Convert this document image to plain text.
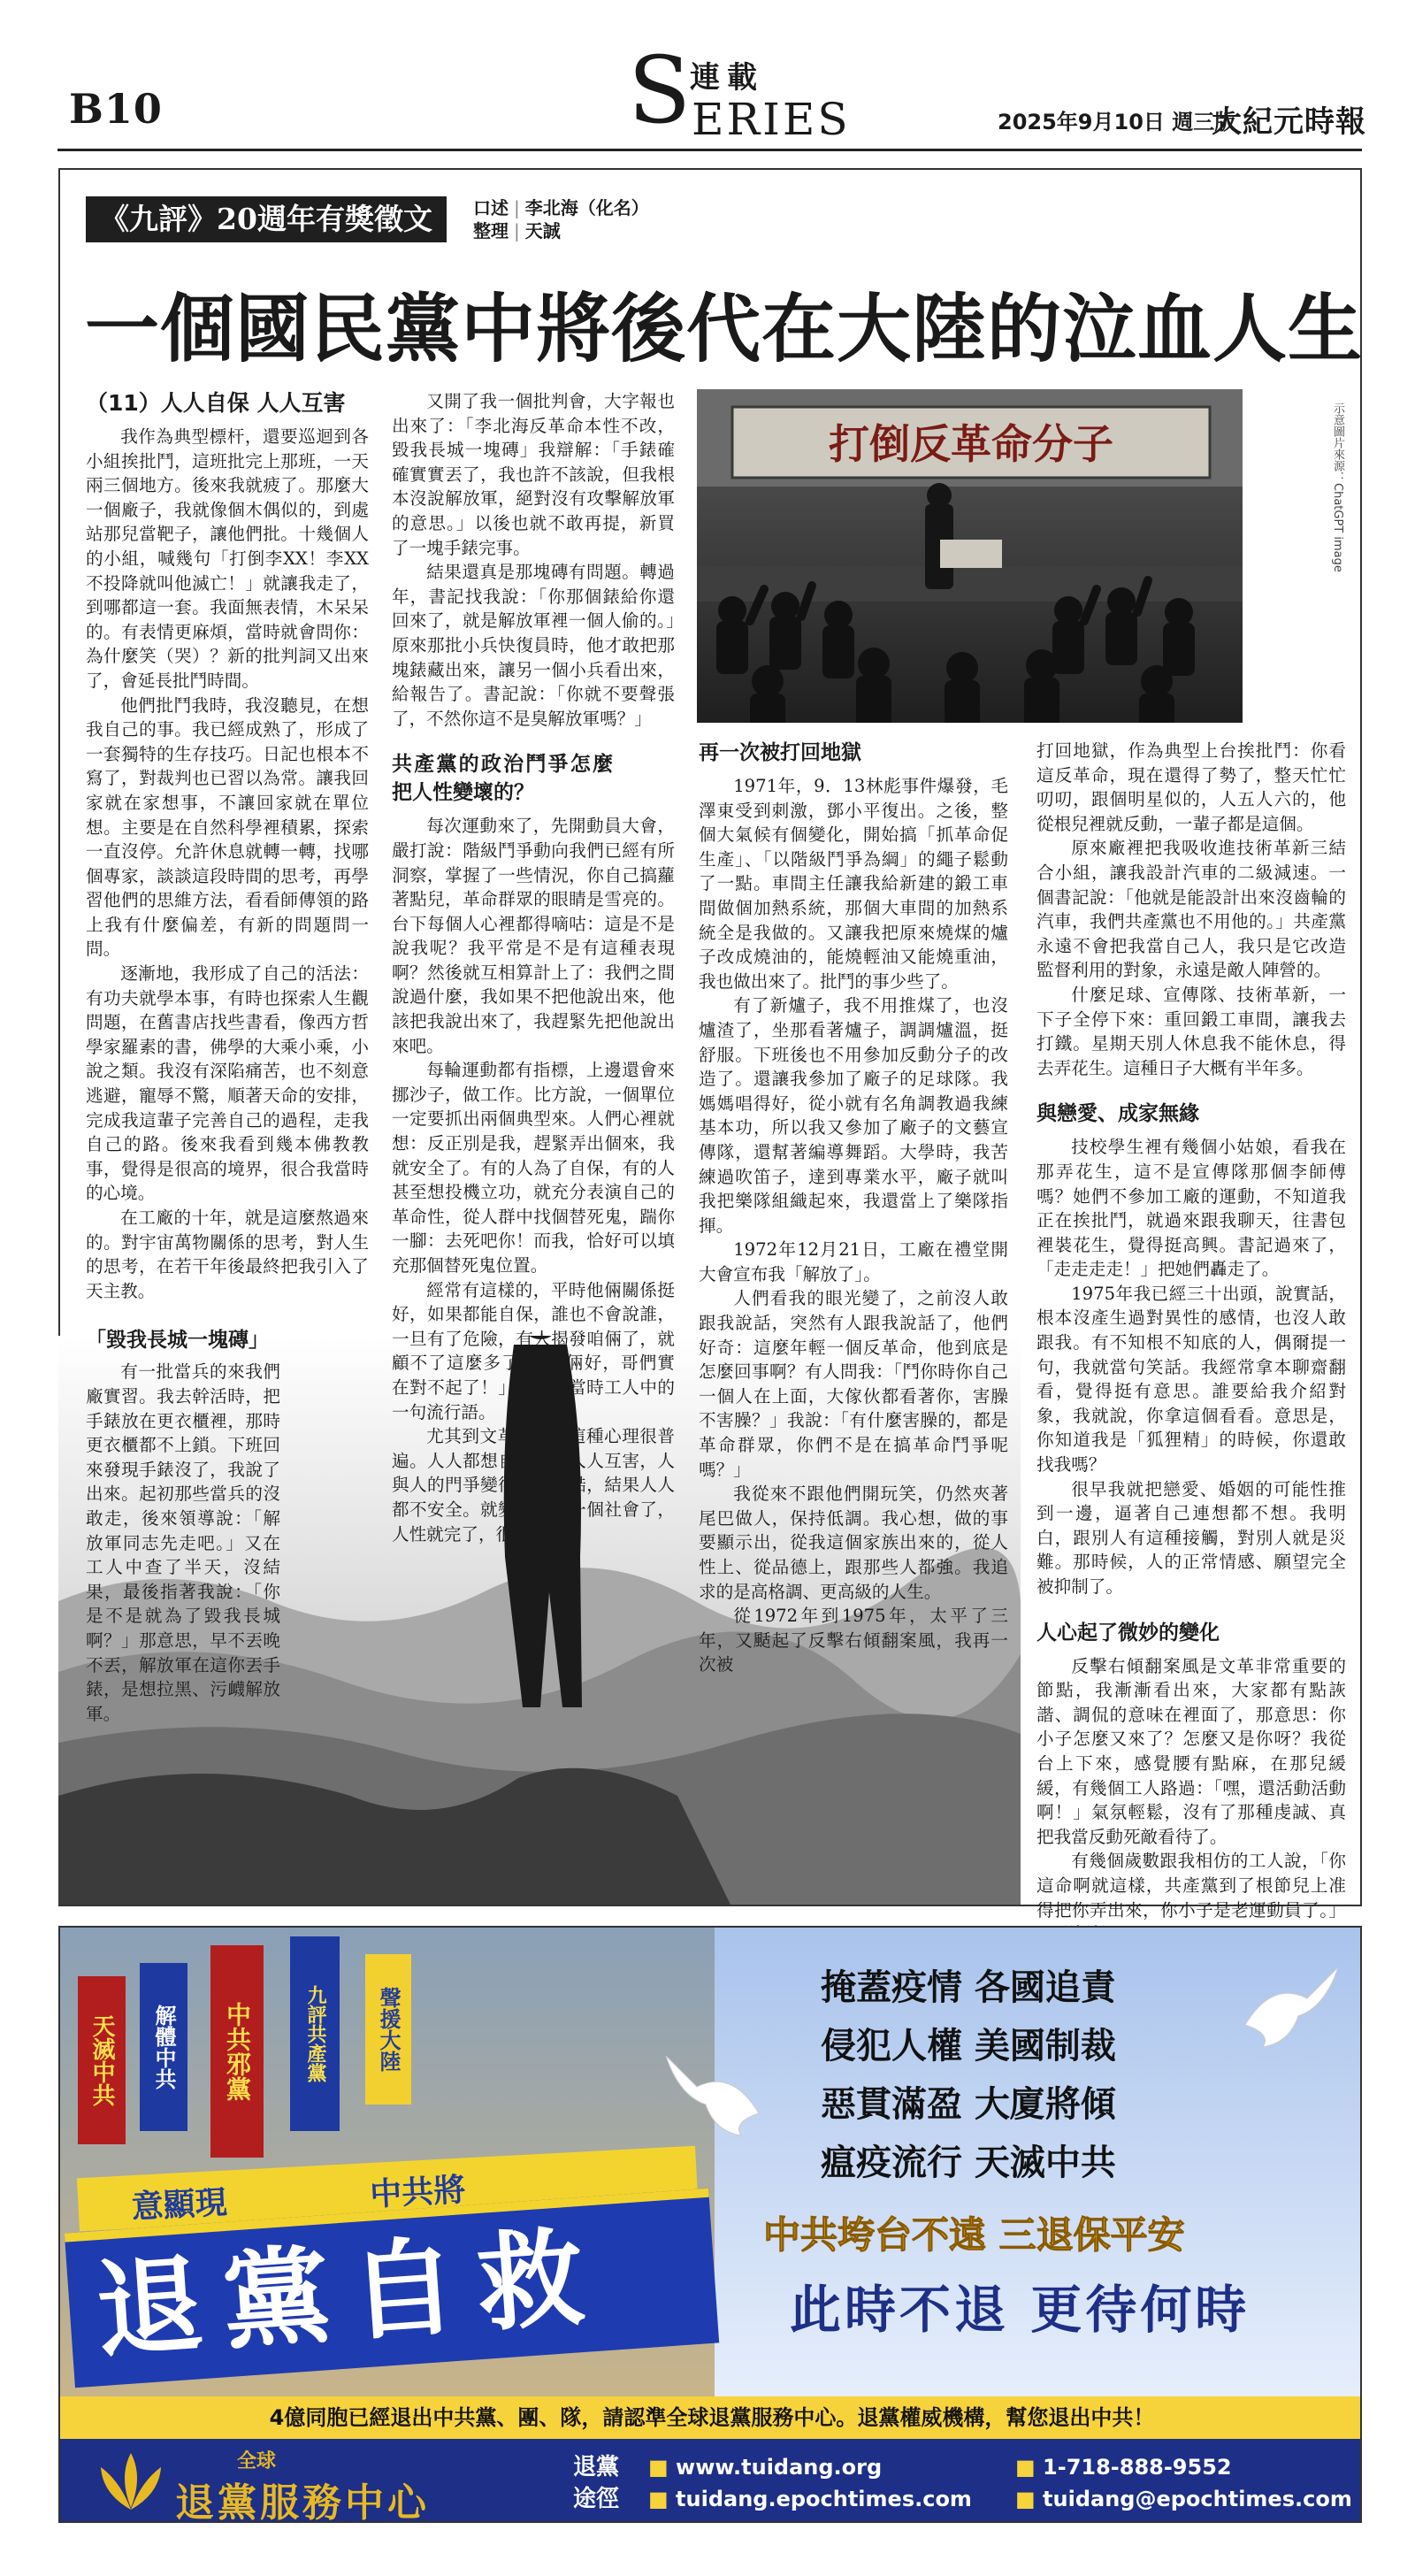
B10	S
連載
ERIES	2025年9月10日 週三版
大紀元時報
《九評》20週年有獎徵文	口述 | 李北海（化名）
整理 | 天誠
一個國民黨中將後代在大陸的泣血人生
打倒反革命分子	示意圖片來源：ChatGPT image

（11）人人自保 人人互害

我作為典型標杆，還要巡迴到各小組挨批鬥，這班批完上那班，一天兩三個地方。後來我就疲了。那麼大一個廠子，我就像個木偶似的，到處站那兒當靶子，讓他們批。十幾個人的小組，喊幾句「打倒李XX！李XX不投降就叫他滅亡！」就讓我走了，到哪都這一套。我面無表情，木呆呆的。有表情更麻煩，當時就會問你：為什麼笑（哭）？新的批判詞又出來了，會延長批鬥時間。

他們批鬥我時，我沒聽見，在想我自己的事。我已經成熟了，形成了一套獨特的生存技巧。日記也根本不寫了，對裁判也已習以為常。讓我回家就在家想事，不讓回家就在單位想。主要是在自然科學裡積累，探索一直沒停。允許休息就轉一轉，找哪個專家，談談這段時間的思考，再學習他們的思維方法，看看師傳領的路上我有什麼偏差，有新的問題問一問。

逐漸地，我形成了自己的活法：有功夫就學本事，有時也探索人生觀問題，在舊書店找些書看，像西方哲學家羅素的書，佛學的大乘小乘，小說之類。我沒有深陷痛苦，也不刻意逃避，寵辱不驚，順著天命的安排，完成我這輩子完善自己的過程，走我自己的路。後來我看到幾本佛教教事，覺得是很高的境界，很合我當時的心境。

在工廠的十年，就是這麼熬過來的。對宇宙萬物關係的思考，對人生的思考，在若干年後最終把我引入了天主教。

「毀我長城一塊磚」

有一批當兵的來我們廠實習。我去幹活時，把手錶放在更衣櫃裡，那時更衣櫃都不上鎖。下班回來發現手錶沒了，我說了出來。起初那些當兵的沒敢走，後來領導說：「解放軍同志先走吧。」又在工人中查了半天，沒結果，最後指著我說：「你是不是就為了毀我長城啊？」那意思，早不丟晚不丟，解放軍在這你丟手錶，是想拉黑、污衊解放軍。

又開了我一個批判會，大字報也出來了：「李北海反革命本性不改，毀我長城一塊磚」我辯解：「手錶確確實實丟了，我也許不該說，但我根本沒說解放軍，絕對沒有攻擊解放軍的意思。」以後也就不敢再提，新買了一塊手錶完事。

結果還真是那塊磚有問題。轉過年，書記找我說：「你那個錶給你還回來了，就是解放軍裡一個人偷的。」原來那批小兵快復員時，他才敢把那塊錶藏出來，讓另一個小兵看出來，給報告了。書記說：「你就不要聲張了，不然你這不是臭解放軍嗎？」

共產黨的政治鬥爭怎麼把人性變壞的？

每次運動來了，先開動員大會，嚴打說：階級鬥爭動向我們已經有所洞察，掌握了一些情況，你自己搞蘿著點兒，革命群眾的眼睛是雪亮的。台下每個人心裡都得嘀咕：這是不是說我呢？我平常是不是有這種表現啊？然後就互相算計上了：我們之間說過什麼，我如果不把他說出來，他該把我說出來了，我趕緊先把他說出來吧。

每輪運動都有指標，上邊還會來挪沙子，做工作。比方說，一個單位一定要抓出兩個典型來。人們心裡就想：反正別是我，趕緊弄出個來，我就安全了。有的人為了自保，有的人甚至想投機立功，就充分表演自己的革命性，從人群中找個替死鬼，踹你一腳：去死吧你！而我，恰好可以填充那個替死鬼位置。

經常有這樣的，平時他倆關係挺好，如果都能自保，誰也不會說誰，一旦有了危險，有人揭發咱倆了，就顧不了這麼多了。「哥倆好，哥們實在對不起了！」——是當時工人中的一句流行語。

尤其到文革後期，這種心理很普遍。人人都想自保，就人人互害，人與人的門爭變得非常殘酷，結果人人都不安全。就變成這麼一個社會了，人性就完了，很可怕。

再一次被打回地獄

1971年，9．13林彪事件爆發，毛澤東受到刺激，鄧小平復出。之後，整個大氣候有個變化，開始搞「抓革命促生產」、「以階級鬥爭為綱」的繩子鬆動了一點。車間主任讓我給新建的鍛工車間做個加熱系統，那個大車間的加熱系統全是我做的。又讓我把原來燒煤的爐子改成燒油的，能燒輕油又能燒重油，我也做出來了。批鬥的事少些了。

有了新爐子，我不用推煤了，也沒爐渣了，坐那看著爐子，調調爐溫，挺舒服。下班後也不用參加反動分子的改造了。還讓我參加了廠子的足球隊。我媽媽唱得好，從小就有名角調教過我練基本功，所以我又參加了廠子的文藝宣傳隊，還幫著編導舞蹈。大學時，我苦練過吹笛子，達到專業水平，廠子就叫我把樂隊組織起來，我還當上了樂隊指揮。

1972年12月21日，工廠在禮堂開大會宣布我「解放了」。

人們看我的眼光變了，之前沒人敢跟我說話，突然有人跟我說話了，他們好奇：這麼年輕一個反革命，他到底是怎麼回事啊？有人問我：「鬥你時你自己一個人在上面，大傢伙都看著你，害臊不害臊？」我說：「有什麼害臊的，都是革命群眾，你們不是在搞革命鬥爭呢嗎？」

我從來不跟他們開玩笑，仍然夾著尾巴做人，保持低調。我心想，做的事要顯示出，從我這個家族出來的，從人性上、從品德上，跟那些人都強。我追求的是高格調、更高級的人生。

從1972年到1975年，太平了三年，又颳起了反擊右傾翻案風，我再一次被

打回地獄，作為典型上台挨批鬥：你看這反革命，現在還得了勢了，整天忙忙叨叨，跟個明星似的，人五人六的，他從根兒裡就反動，一輩子都是這個。

原來廠裡把我吸收進技術革新三結合小組，讓我設計汽車的二級減速。一個書記說：「他就是能設計出來沒齒輪的汽車，我們共產黨也不用他的。」共產黨永遠不會把我當自己人，我只是它改造監督利用的對象，永遠是敵人陣營的。

什麼足球、宣傳隊、技術革新，一下子全停下來：重回鍛工車間，讓我去打鐵。星期天別人休息我不能休息，得去弄花生。這種日子大概有半年多。

與戀愛、成家無緣

技校學生裡有幾個小姑娘，看我在那弄花生，這不是宣傳隊那個李師傅嗎？她們不參加工廠的運動，不知道我正在挨批鬥，就過來跟我聊天，往書包裡裝花生，覺得挺高興。書記過來了，「走走走走！」把她們轟走了。

1975年我已經三十出頭，說實話，根本沒產生過對異性的感情，也沒人敢跟我。有不知根不知底的人，偶爾提一句，我就當句笑話。我經常拿本聊齋翻看，覺得挺有意思。誰要給我介紹對象，我就說，你拿這個看看。意思是，你知道我是「狐狸精」的時候，你還敢找我嗎？

很早我就把戀愛、婚姻的可能性推到一邊，逼著自己連想都不想。我明白，跟別人有這種接觸，對別人就是災難。那時候，人的正常情感、願望完全被抑制了。

人心起了微妙的變化

反擊右傾翻案風是文革非常重要的節點，我漸漸看出來，大家都有點詼諧、調侃的意味在裡面了，那意思：你小子怎麼又來了？怎麼又是你呀？我從台上下來，感覺腰有點麻，在那兒緩緩，有幾個工人路過：「嘿，還活動活動啊！」氣氛輕鬆，沒有了那種虔誠、真把我當反動死敵看待了。

有幾個歲數跟我相仿的工人說，「你這命啊就這樣，共產黨到了根節兒上准得把你弄出來，你小子是老運動員了。」

天滅中共	解體中共	中共邪黨	九評共產黨	聲援大陸
意顯現	中共將
退黨自救
掩蓋疫情 各國追責
侵犯人權 美國制裁
惡貫滿盈 大廈將傾
瘟疫流行 天滅中共
中共垮台不遠 三退保平安
此時不退 更待何時
4億同胞已經退出中共黨、團、隊，請認準全球退黨服務中心。退黨權威機構，幫您退出中共！
全球
退黨服務中心
退黨
途徑
■ www.tuidang.org
■ tuidang.epochtimes.com
■ 1-718-888-9552
■ tuidang@epochtimes.com
